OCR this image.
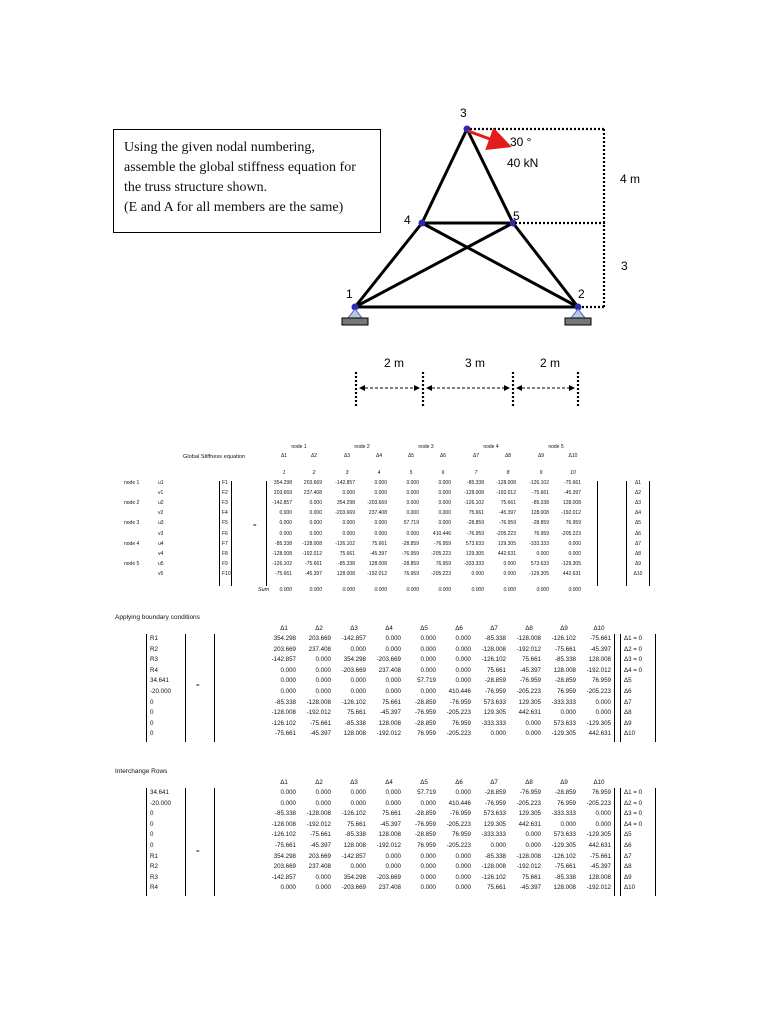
Using the given nodal numbering,
assemble the global stiffness equation for
the truss structure shown.
(E and A for all members are the same)
1	2
3
4	5
30 °
40 kN
4 m
3
2 m	3 m	2 m
Global Stiffness equation
=
Sum
node 1	node 2	node 3	node 4	node 5
Δ1	Δ2	Δ3	Δ4	Δ5	Δ6	Δ7	Δ8	Δ9	Δ10
1	2	3	4	5	6	7	8	9	10
node 1	u1	F1	354.298	203.669	-142.857	0.000	0.000	0.000	-85.338	-128.008	-126.102	-75.661	Δ1
v1	F2	203.669	237.408	0.000	0.000	0.000	0.000	-128.008	-192.012	-75.661	-45.397	Δ2
node 2	u2	F3	-142.857	0.000	354.298	-203.669	0.000	0.000	-126.102	75.661	-85.338	128.008	Δ3
v2	F4	0.000	0.000	-203.669	237.408	0.000	0.000	75.661	-45.397	128.008	-192.012	Δ4
node 3	u3	F5	0.000	0.000	0.000	0.000	57.719	0.000	-28.859	-76.959	-28.859	76.959	Δ5
v3	F6	0.000	0.000	0.000	0.000	0.000	410.446	-76.959	-205.223	76.959	-205.223	Δ6
node 4	u4	F7	-85.338	-128.008	-126.102	75.661	-28.859	-76.959	573.633	129.305	-333.333	0.000	Δ7
v4	F8	-128.008	-192.012	75.661	-45.397	-76.959	-205.223	129.305	442.631	0.000	0.000	Δ8
node 5	u5	F9	-126.102	-75.661	-85.338	128.008	-28.859	76.959	-333.333	0.000	573.633	-129.305	Δ9
v5	F10	-75.661	-45.397	128.008	-192.012	76.959	-205.223	0.000	0.000	-129.305	442.631	Δ10
0.000	0.000	0.000	0.000	0.000	0.000	0.000	0.000	0.000	0.000
Applying boundary conditions
Δ1	Δ2	Δ3	Δ4	Δ5	Δ6	Δ7	Δ8	Δ9	Δ10
R1	354.298	203.669	-142.857	0.000	0.000	0.000	-85.338	-128.008	-126.102	-75.661 Δ1 = 0
R2	203.669	237.408	0.000	0.000	0.000	0.000	-128.008	-192.012	-75.661	-45.397 Δ2 = 0
R3	-142.857	0.000	354.298	-203.669	0.000	0.000	-126.102	75.661	-85.338	128.008 Δ3 = 0
R4	0.000	0.000	-203.669	237.408	0.000	0.000	75.661	-45.397	128.008	-192.012 Δ4 = 0
34.641	0.000	0.000	0.000	0.000	57.719	0.000	-28.859	-76.959	-28.859	76.959 Δ5
-20.000	0.000	0.000	0.000	0.000	0.000	410.446	-76.959	-205.223	76.959	-205.223 Δ6
0	-85.338	-128.008	-126.102	75.661	-28.859	-76.959	573.633	129.305	-333.333	0.000 Δ7
0	-128.008	-192.012	75.661	-45.397	-76.959	-205.223	129.305	442.631	0.000	0.000 Δ8
0	-126.102	-75.661	-85.338	128.008	-28.859	76.959	-333.333	0.000	573.633	-129.305 Δ9
0	-75.661	-45.397	128.008	-192.012	76.959	-205.223	0.000	0.000	-129.305	442.631 Δ10
=
Interchange Rows
Δ1	Δ2	Δ3	Δ4	Δ5	Δ6	Δ7	Δ8	Δ9	Δ10
34.641	0.000	0.000	0.000	0.000	57.719	0.000	-28.859	-76.959	-28.859	76.959 Δ1 = 0
-20.000	0.000	0.000	0.000	0.000	0.000	410.446	-76.959	-205.223	76.959	-205.223 Δ2 = 0
0	-85.338	-128.008	-126.102	75.661	-28.859	-76.959	573.633	129.305	-333.333	0.000 Δ3 = 0
0	-128.008	-192.012	75.661	-45.397	-76.959	-205.223	129.305	442.631	0.000	0.000 Δ4 = 0
0	-126.102	-75.661	-85.338	128.008	-28.859	76.959	-333.333	0.000	573.633	-129.305 Δ5
0	-75.661	-45.397	128.008	-192.012	76.959	-205.223	0.000	0.000	-129.305	442.631 Δ6
R1	354.298	203.669	-142.857	0.000	0.000	0.000	-85.338	-128.008	-126.102	-75.661 Δ7
R2	203.669	237.408	0.000	0.000	0.000	0.000	-128.008	-192.012	-75.661	-45.397 Δ8
R3	-142.857	0.000	354.298	-203.669	0.000	0.000	-126.102	75.661	-85.338	128.008 Δ9
R4	0.000	0.000	-203.669	237.408	0.000	0.000	75.661	-45.397	128.008	-192.012 Δ10
=
